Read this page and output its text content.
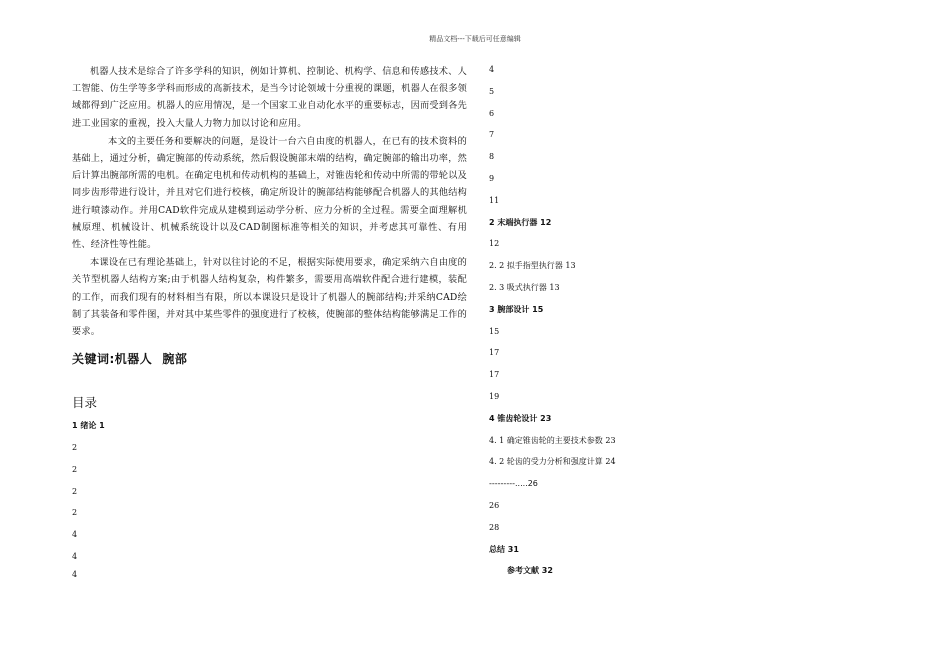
精品文档---下载后可任意编辑

机器人技术是综合了许多学科的知识，例如计算机、控制论、机构学、信息和传感技术、人工智能、仿生学等多学科而形成的高新技术，是当今讨论领域十分重视的课题，机器人在很多领域都得到广泛应用。机器人的应用情况，是一个国家工业自动化水平的重要标志，因而受到各先进工业国家的重视，投入大量人力物力加以讨论和应用。

本文的主要任务和要解决的问题，是设计一台六自由度的机器人，在已有的技术资料的基础上，通过分析，确定腕部的传动系统，然后假设腕部末端的结构，确定腕部的输出功率，然后计算出腕部所需的电机。在确定电机和传动机构的基础上，对锥齿轮和传动中所需的带轮以及同步齿形带进行设计，并且对它们进行校核，确定所设计的腕部结构能够配合机器人的其他结构进行喷漆动作。并用CAD软件完成从建模到运动学分析、应力分析的全过程。需要全面理解机械原理、机械设计、机械系统设计以及CAD制图标准等相关的知识，并考虑其可靠性、有用性、经济性等性能。

本课设在已有理论基础上，针对以往讨论的不足，根据实际使用要求，确定采纳六自由度的关节型机器人结构方案;由于机器人结构复杂，构件繁多，需要用高端软件配合进行建模，装配的工作，而我们现有的材料相当有限，所以本课设只是设计了机器人的腕部结构;并采纳CAD绘制了其装备和零件图，并对其中某些零件的强度进行了校核，使腕部的整体结构能够满足工作的要求。

关键词:机器人 腕部
目录
1 绪论 1
2
2
2
2
4
4
4
4
5
6
7
8
9
11
2 末端执行器 12
12
2. 2 拟手指型执行器 13
2. 3 吸式执行器 13
3 腕部设计 15
15
17
17
19
4 锥齿轮设计 23
4. 1 确定锥齿轮的主要技术参数 23
4. 2 轮齿的受力分析和强度计算 24
---------.....26
26
28
总结 31
参考文献 32
